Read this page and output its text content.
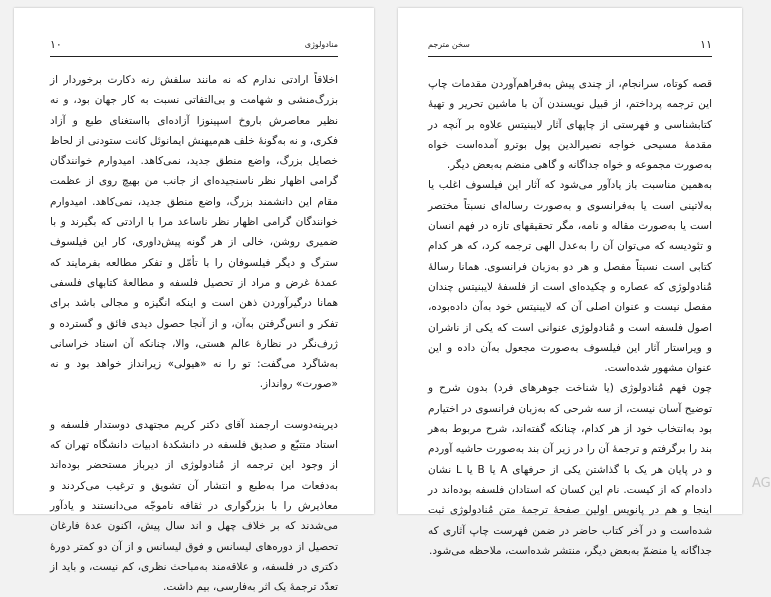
۱۰	منادولوژی

اخلاقاً ارادتی ندارم که نه مانند سلفش رنه دکارت برخوردار از بزرگ‌منشی و شهامت و بی‌التفاتی نسبت به کار جهان بود، و نه نظیر معاصرش باروخ اسپینوزا آزاده‌ای بااستغنای طبع و آزاد فکری، و نه به‌گونهٔ خلف هم‌میهنش ایمانوئل کانت ستودنی از لحاظ خصایل بزرگ، واضع منطق جدید، نمی‌کاهد. امیدوارم خوانندگان گرامی اظهار نظر ناسنجیده‌ای از جانب من بهیچ روی از عظمت مقام این دانشمند بزرگ، واضع منطق جدید، نمی‌کاهد. امیدوارم خوانندگان گرامی اظهار نظر ناساعد مرا با ارادتی که بگیرند و با ضمیری روشن، خالی از هر گونه پیش‌داوری، کار این فیلسوف سترگ و دیگر فیلسوفان را با تأمّل و تفکر مطالعه بفرمایند که عمدهٔ غرض و مراد از تحصیل فلسفه و مطالعهٔ کتابهای فلسفی همانا درگیرآوردن ذهن است و اینکه انگیزه و مجالی باشد برای تفکر و انس‌گرفتن به‌آن، و از آنجا حصول دیدی فائق و گسترده و ژرف‌نگر در نظارهٔ عالم هستی، والا، چنانکه آن استاد خراسانی به‌شاگرد می‌گفت: تو را نه «هیولی» زیرانداز خواهد بود و نه «صورت» روانداز.

دیرینه‌دوست ارجمند آقای دکتر کریم مجتهدی دوستدار فلسفه و استاد متتبّع و صدیق فلسفه در دانشکدهٔ ادبیات دانشگاه تهران که از وجود این ترجمه از مُنادولوژی از دیرباز مستحضر بوده‌اند به‌دفعات مرا به‌طبع و انتشار آن تشویق و ترغیب می‌کردند و معاذیرش را با بزرگواری در ثقافه نامو‌جّه می‌دانستند و یادآور می‌شدند که بر خلاف چهل و اند سال پیش، اکنون عدهٔ فارغان تحصیل از دوره‌های لیسانس و فوق لیسانس و از آن دو کمتر دورهٔ دکتری در فلسفه، و علاقه‌مند به‌مباحث نظری، کم نیست، و باید از تعدّد ترجمهٔ یک اثر به‌فارسی، بیم داشت.

۱۱
سخن مترجم

قصه کوتاه، سرانجام، از چندی پیش به‌فراهم‌آوردن مقدمات چاپ این ترجمه پرداختم، از قبیل نویسندن آن با ماشین تحریر و تهیهٔ کتابشناسی و فهرستی از چاپهای آثار لایبنیتس علاوه بر آنچه در مقدمهٔ مسیحی خواجه نصیرالدین پول بوترو آمده‌است خواه به‌صورت مجموعه و خواه جداگانه و گاهی منضم به‌بعض دیگر.

به‌همین مناسبت باز یادآور می‌شود که آثار این فیلسوف اغلب یا به‌لاتینی است یا به‌فرانسوی و به‌صورت رساله‌ای نسبتاً مختصر است یا به‌صورت مقاله و نامه، مگر تحقیقهای تازه در فهم انسان و تئودیسه که می‌توان آن را به‌عدل الهی ترجمه کرد، که هر کدام کتابی است نسبتاً مفصل و هر دو به‌زبان فرانسوی. همانا رسالهٔ مُنادولوژی که عصاره و چکیده‌ای است از فلسفهٔ لایبنیتس چندان مفصل نیست و عنوان اصلی آن که لایبنیتس خود به‌آن داده‌بوده، اصول فلسفه است و مُنادولوژی عنوانی است که یکی از ناشران و ویراستار آثار این فیلسوف به‌صورت مجعول به‌آن داده و این عنوان مشهور شده‌است.

چون فهم مُنادولوژی (یا شناخت جوهرهای فرد) بدون شرح و توضیح آسان نیست، از سه شرحی که به‌زبان فرانسوی در اختیارم بود به‌انتخاب خود از هر کدام، چنانکه گفته‌اند، شرح مربوط به‌هر بند را برگرفتم و ترجمهٔ آن را در زیر آن بند به‌صورت حاشیه آوردم و در پایان هر یک با گذاشتن یکی از حرفهای A یا B یا L نشان داده‌ام که از کیست. نام این کسان که استادان فلسفه بوده‌اند در اینجا و هم در پانویس اولین صفحهٔ ترجمهٔ متن مُنادولوژی ثبت شده‌است و در آخر کتاب حاضر در ضمن فهرست چاپ آثاری که جداگانه یا منضمّ به‌بعض دیگر، منتشر شده‌است، ملاحظه می‌شود.

AG
